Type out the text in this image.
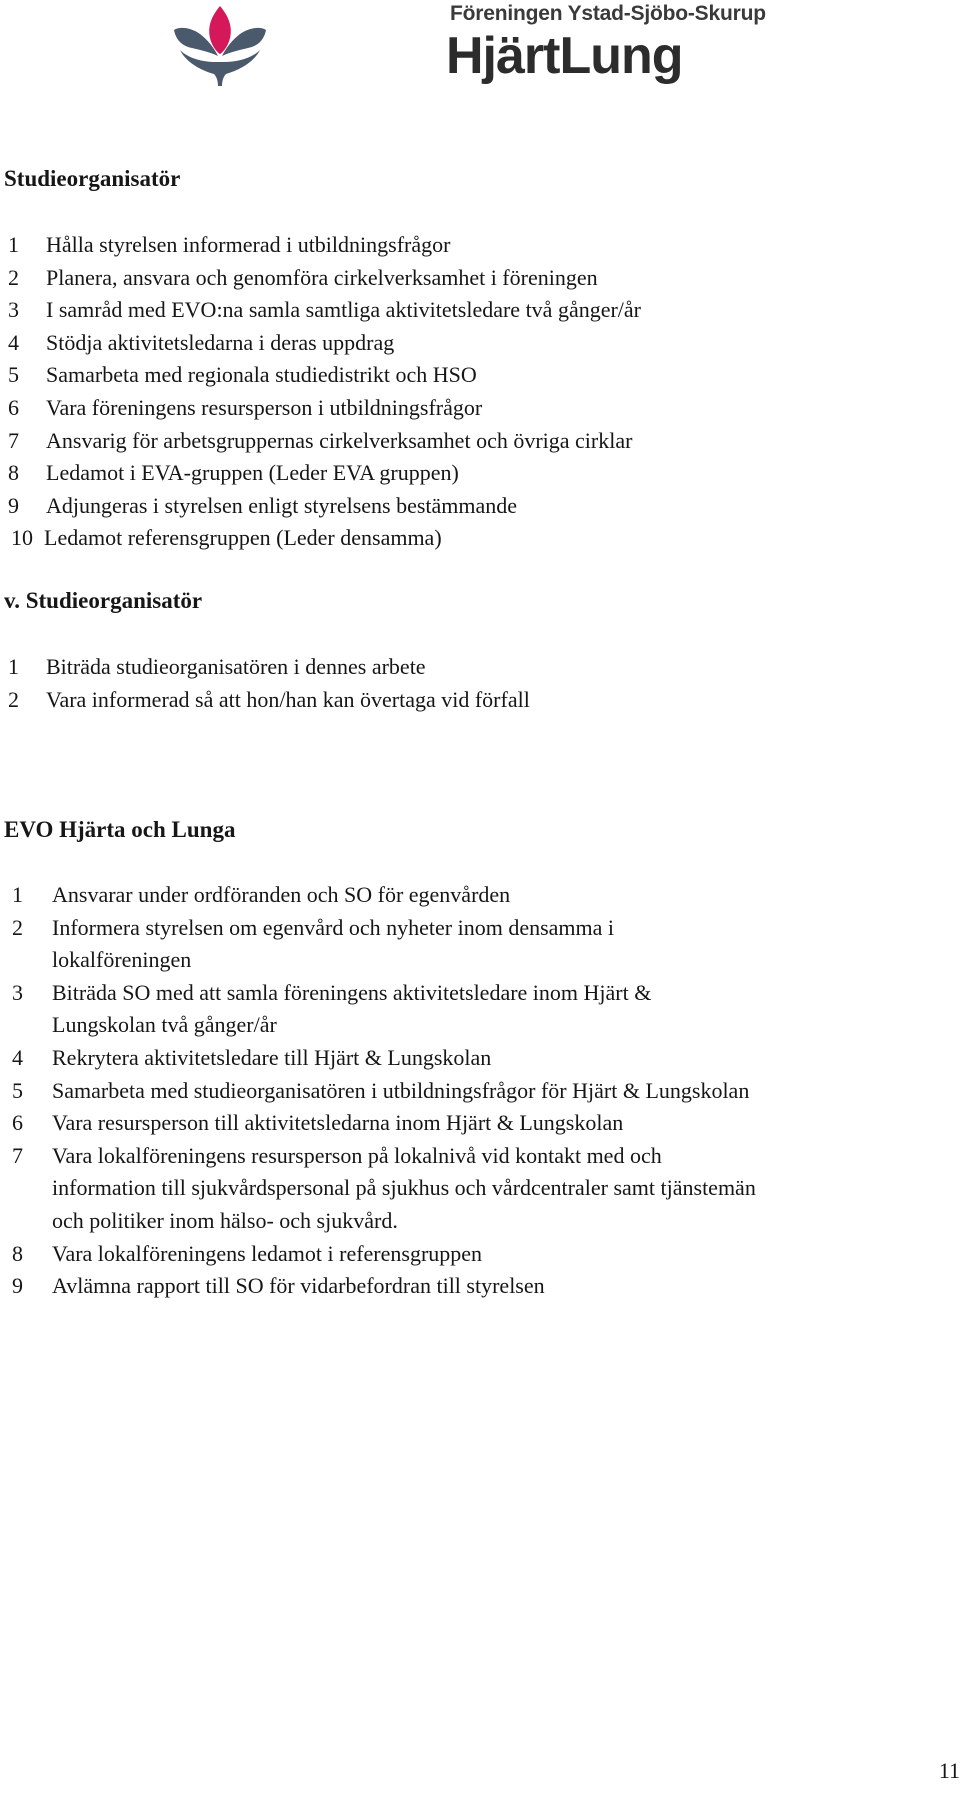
Föreningen Ystad-Sjöbo-Skurup
HjärtLung
Studieorganisatör
1 Hålla styrelsen informerad i utbildningsfrågor
2 Planera, ansvara och genomföra cirkelverksamhet i föreningen
3 I samråd med EVO:na samla samtliga aktivitetsledare två gånger/år
4 Stödja aktivitetsledarna i deras uppdrag
5 Samarbeta med regionala studiedistrikt och HSO
6 Vara föreningens resursperson i utbildningsfrågor
7 Ansvarig för arbetsgruppernas cirkelverksamhet och övriga cirklar
8 Ledamot i EVA-gruppen (Leder EVA gruppen)
9 Adjungeras i styrelsen enligt styrelsens bestämmande
10 Ledamot referensgruppen (Leder densamma)
v. Studieorganisatör
1 Biträda studieorganisatören i dennes arbete
2 Vara informerad så att hon/han kan övertaga vid förfall
EVO Hjärta och Lunga
1 Ansvarar under ordföranden och SO för egenvården
2 Informera styrelsen om egenvård och nyheter inom densamma i
lokalföreningen
3 Biträda SO med att samla föreningens aktivitetsledare inom Hjärt &
Lungskolan två gånger/år
4 Rekrytera aktivitetsledare till Hjärt & Lungskolan
5 Samarbeta med studieorganisatören i utbildningsfrågor för Hjärt & Lungskolan
6 Vara resursperson till aktivitetsledarna inom Hjärt & Lungskolan
7 Vara lokalföreningens resursperson på lokalnivå vid kontakt med och
information till sjukvårdspersonal på sjukhus och vårdcentraler samt tjänstemän
och politiker inom hälso- och sjukvård.
8 Vara lokalföreningens ledamot i referensgruppen
9 Avlämna rapport till SO för vidarbefordran till styrelsen
11
